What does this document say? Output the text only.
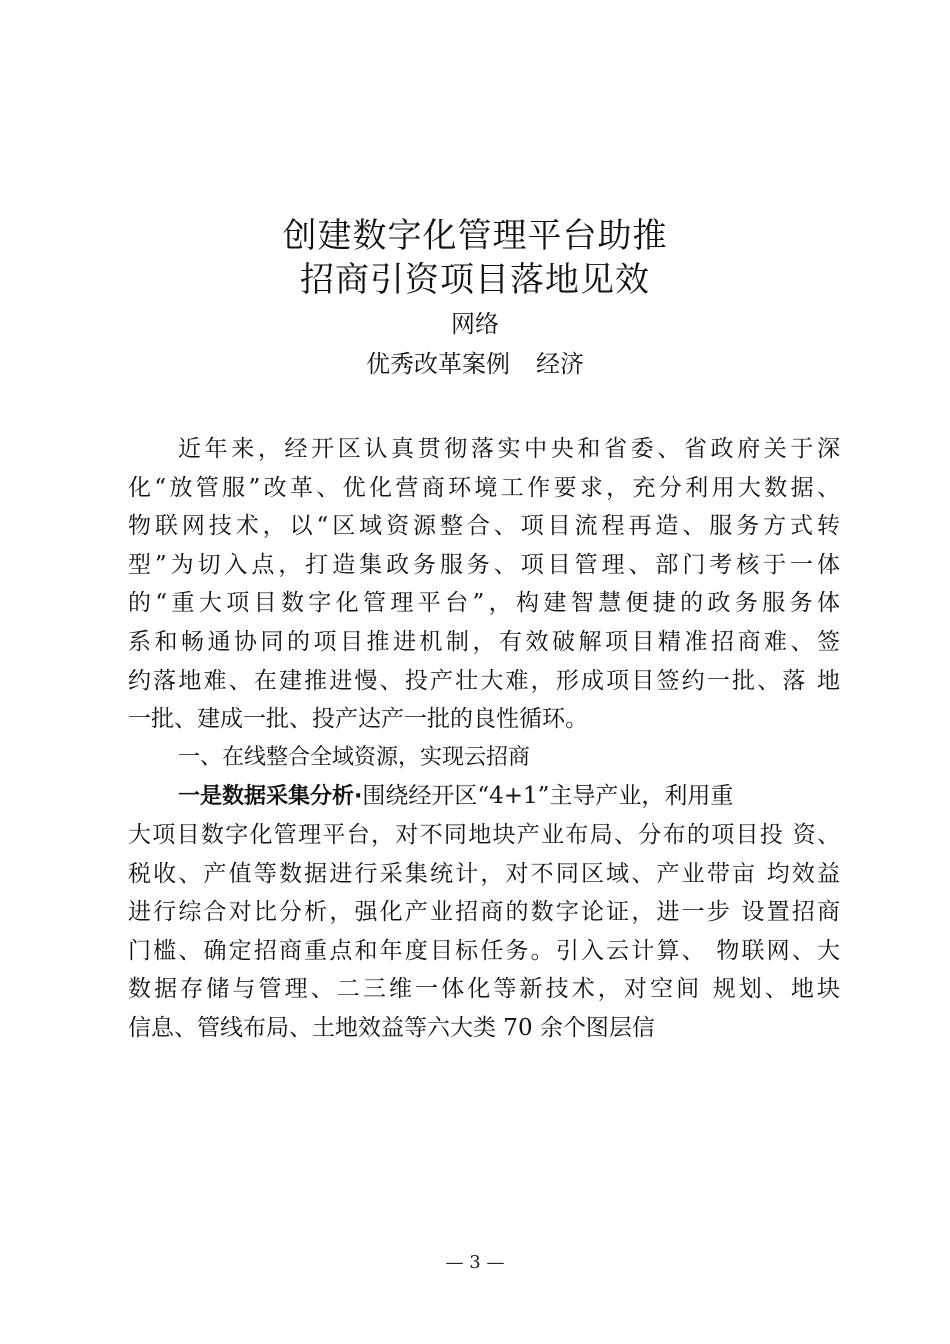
创建数字化管理平台助推
招商引资项目落地见效
网络
优秀改革案例 经济
近年来，经开区认真贯彻落实中央和省委、省政府关于深
化“放管服”改革、优化营商环境工作要求，充分利用大数据、
物联网技术，以“区域资源整合、项目流程再造、服务方式转
型”为切入点，打造集政务服务、项目管理、部门考核于一体
的“重大项目数字化管理平台”，构建智慧便捷的政务服务体
系和畅通协同的项目推进机制，有效破解项目精准招商难、签
约落地难、在建推进慢、投产壮大难，形成项目签约一批、落 地
一批、建成一批、投产达产一批的良性循环。
一、在线整合全域资源，实现云招商
一是数据采集分析·围绕经开区“4+1”主导产业，利用重
大项目数字化管理平台，对不同地块产业布局、分布的项目投 资、
税收、产值等数据进行采集统计，对不同区域、产业带亩 均效益
进行综合对比分析，强化产业招商的数字论证，进一步 设置招商
门槛、确定招商重点和年度目标任务。引入云计算、 物联网、大
数据存储与管理、二三维一体化等新技术，对空间 规划、地块
信息、管线布局、土地效益等六大类 70 余个图层信
— 3 —
